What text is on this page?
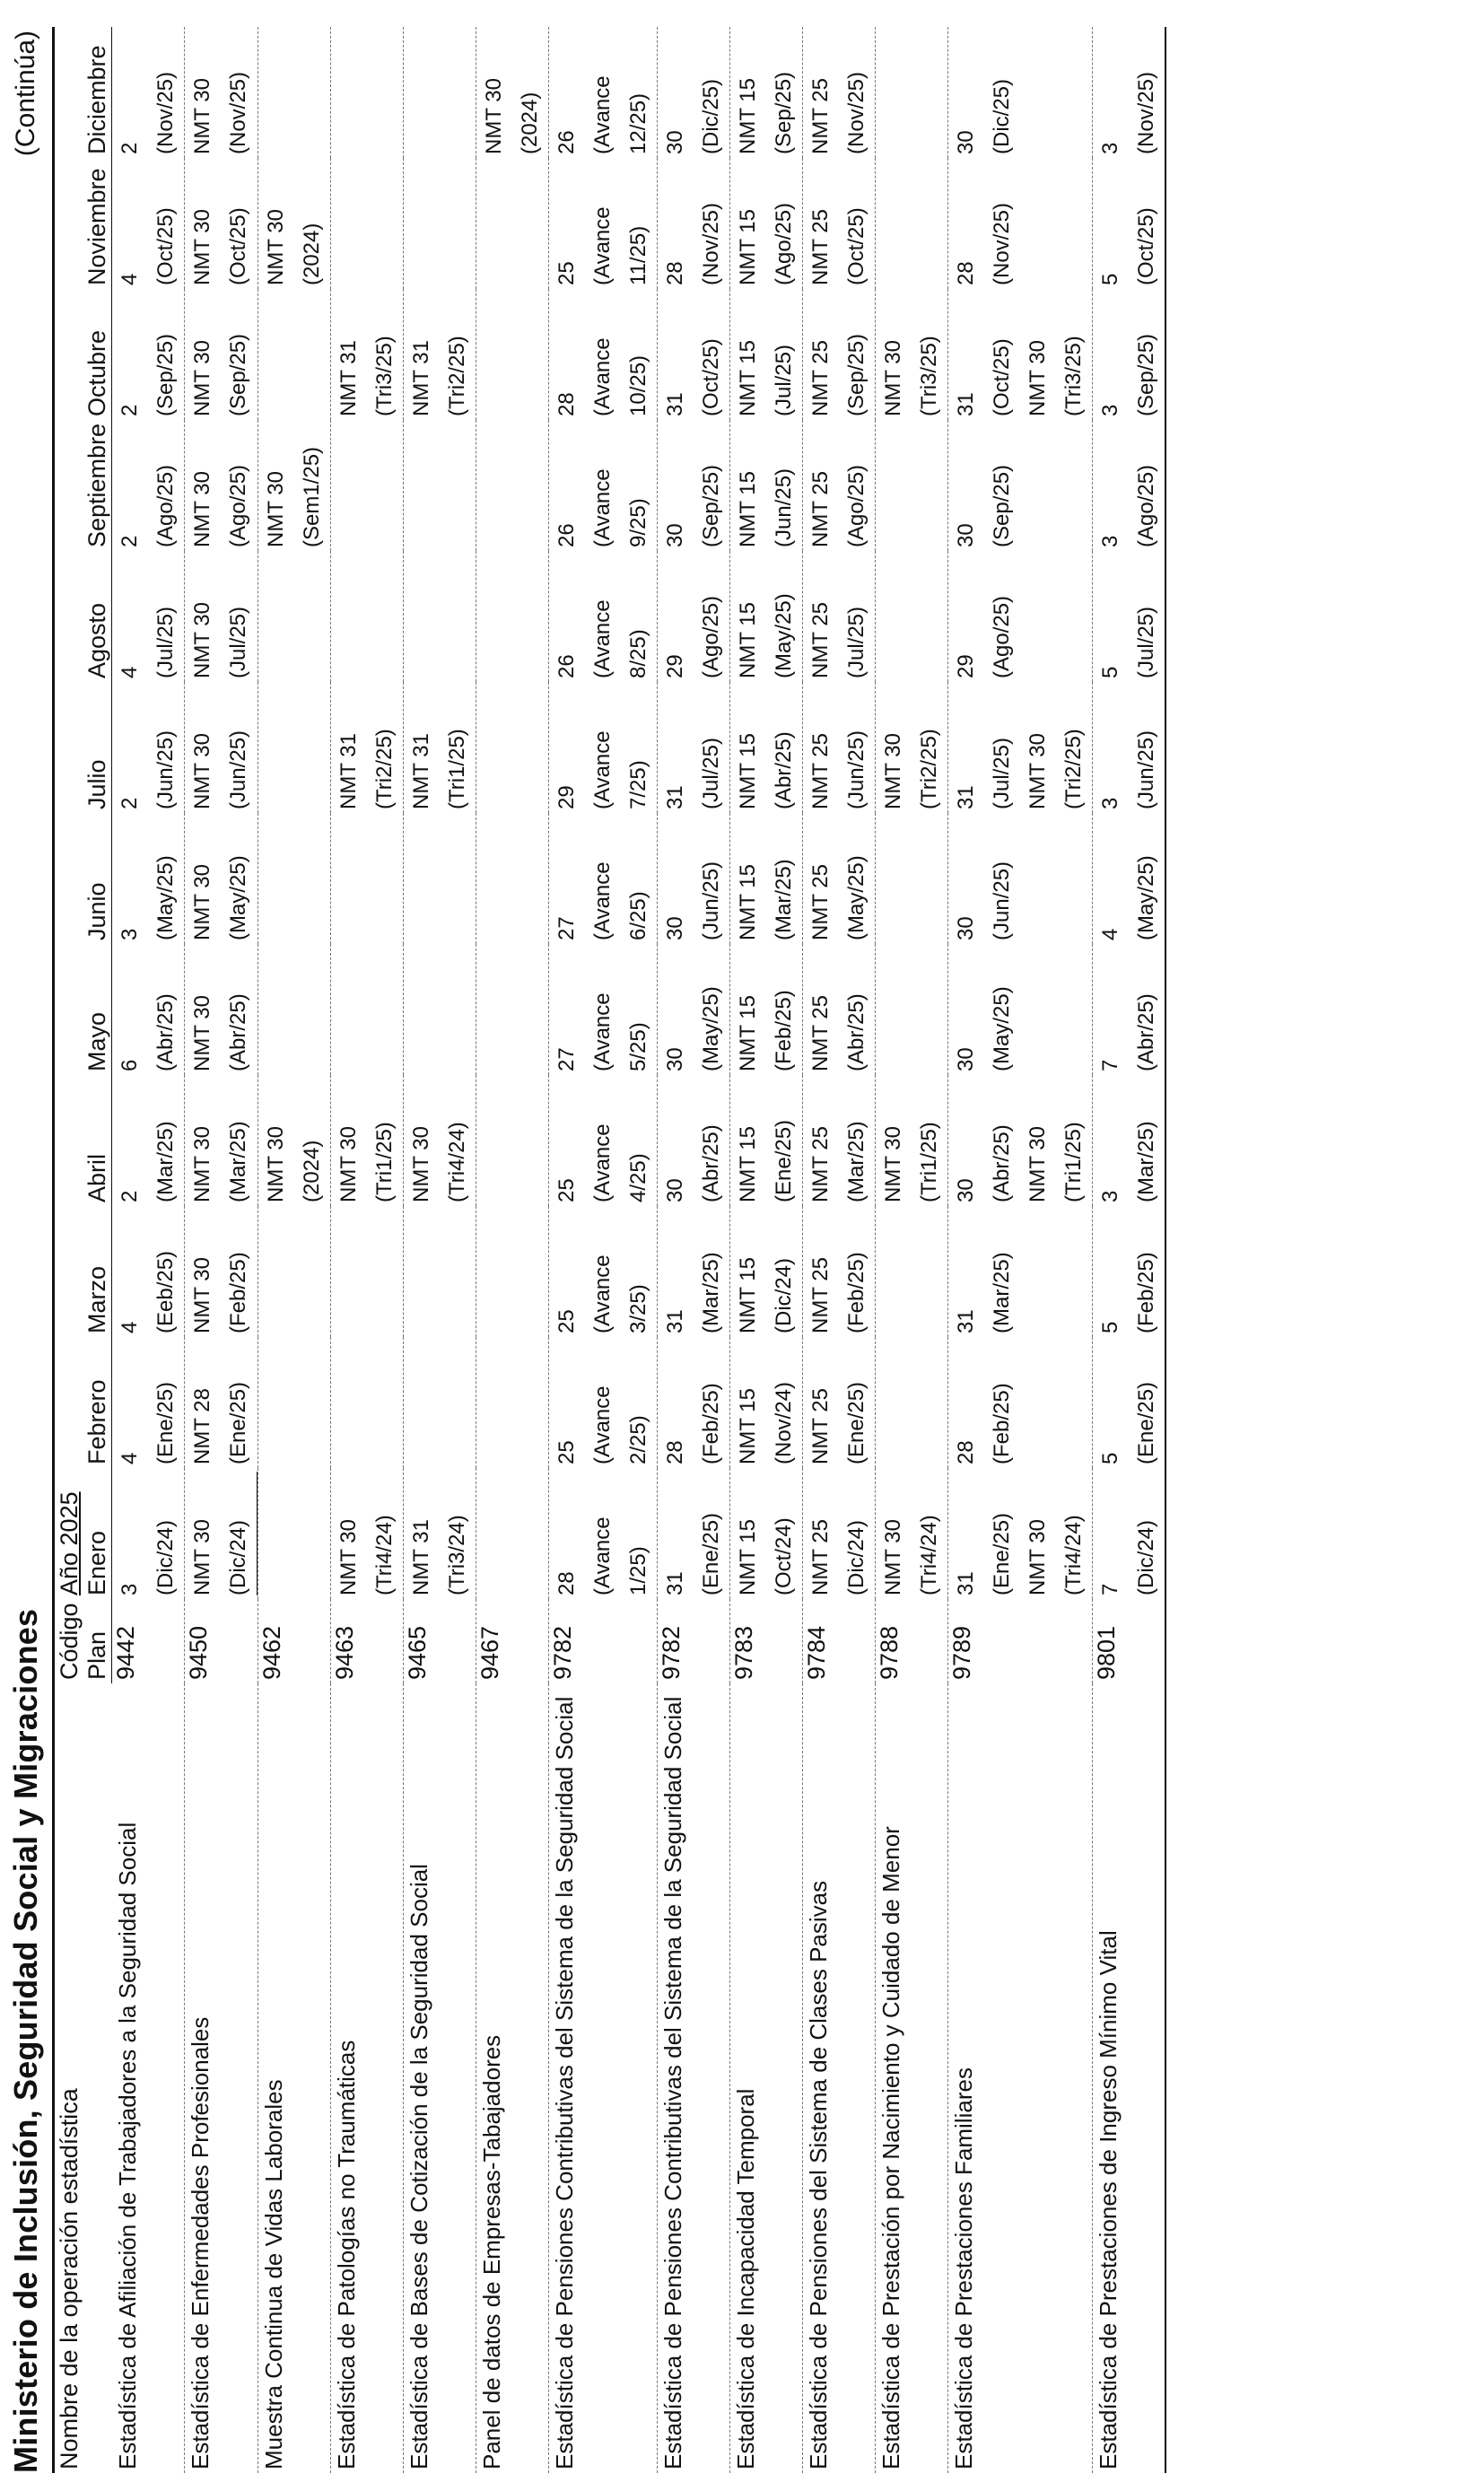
Ministerio de Inclusión, Seguridad Social y Migraciones
(Continúa)
Nombre de la operación estadística	Código	Año 2025											
	Plan	Enero	Febrero	Marzo	Abril	Mayo	Junio	Julio	Agosto	Septiembre	Octubre	Noviembre	Diciembre
Estadística de Afiliación de Trabajadores a la Seguridad Social	9442	3 (Dic/24)	4 (Ene/25)	4 (Eeb/25)	2 (Mar/25)	6 (Abr/25)	3 (May/25)	2 (Jun/25)	4 (Jul/25)	2 (Ago/25)	2 (Sep/25)	4 (Oct/25)	2 (Nov/25)

Estadística de Enfermedades Profesionales	9450	NMT 30 (Dic/24)	NMT 28 (Ene/25)	NMT 30 (Feb/25)	NMT 30 (Mar/25)	NMT 30 (Abr/25)	NMT 30 (May/25)	NMT 30 (Jun/25)	NMT 30 (Jul/25)	NMT 30 (Ago/25)	NMT 30 (Sep/25)	NMT 30 (Oct/25)	NMT 30 (Nov/25)

Muestra Continua de Vidas Laborales	9462				NMT 30 (2024)					NMT 30 (Sem1/25)		NMT 30 (2024)	

Estadística de Patologías no Traumáticas	9463	NMT 30 (Tri4/24)			NMT 30 (Tri1/25)			NMT 31 (Tri2/25)			NMT 31 (Tri3/25)		

Estadística de Bases de Cotización de la Seguridad Social	9465	NMT 31 (Tri3/24)			NMT 30 (Tri4/24)			NMT 31 (Tri1/25)			NMT 31 (Tri2/25)		

Panel de datos de Empresas-Tabajadores	9467												NMT 30 (2024)

Estadística de Pensiones Contributivas del Sistema de la Seguridad Social	9782	28 (Avance 1/25)	25 (Avance 2/25)	25 (Avance 3/25)	25 (Avance 4/25)	27 (Avance 5/25)	27 (Avance 6/25)	29 (Avance 7/25)	26 (Avance 8/25)	26 (Avance 9/25)	28 (Avance 10/25)	25 (Avance 11/25)	26 (Avance 12/25)

Estadística de Pensiones Contributivas del Sistema de la Seguridad Social	9782	31 (Ene/25)	28 (Feb/25)	31 (Mar/25)	30 (Abr/25)	30 (May/25)	30 (Jun/25)	31 (Jul/25)	29 (Ago/25)	30 (Sep/25)	31 (Oct/25)	28 (Nov/25)	30 (Dic/25)

Estadística de Incapacidad Temporal	9783	NMT 15 (Oct/24)	NMT 15 (Nov/24)	NMT 15 (Dic/24)	NMT 15 (Ene/25)	NMT 15 (Feb/25)	NMT 15 (Mar/25)	NMT 15 (Abr/25)	NMT 15 (May/25)	NMT 15 (Jun/25)	NMT 15 (Jul/25)	NMT 15 (Ago/25)	NMT 15 (Sep/25)

Estadística de Pensiones del Sistema de Clases Pasivas	9784	NMT 25 (Dic/24)	NMT 25 (Ene/25)	NMT 25 (Feb/25)	NMT 25 (Mar/25)	NMT 25 (Abr/25)	NMT 25 (May/25)	NMT 25 (Jun/25)	NMT 25 (Jul/25)	NMT 25 (Ago/25)	NMT 25 (Sep/25)	NMT 25 (Oct/25)	NMT 25 (Nov/25)

Estadística de Prestación por Nacimiento y Cuidado de Menor	9788	NMT 30 (Tri4/24)			NMT 30 (Tri1/25)			NMT 30 (Tri2/25)			NMT 30 (Tri3/25)		

Estadística de Prestaciones Familiares	9789	31 (Ene/25) NMT 30 (Tri4/24)	28 (Feb/25)	31 (Mar/25)	30 (Abr/25) NMT 30 (Tri1/25)	30 (May/25)	30 (Jun/25)	31 (Jul/25) NMT 30 (Tri2/25)	29 (Ago/25)	30 (Sep/25)	31 (Oct/25) NMT 30 (Tri3/25)	28 (Nov/25)	30 (Dic/25)

Estadística de Prestaciones de Ingreso Mínimo Vital	9801	7 (Dic/24)	5 (Ene/25)	5 (Feb/25)	3 (Mar/25)	7 (Abr/25)	4 (May/25)	3 (Jun/25)	5 (Jul/25)	3 (Ago/25)	3 (Sep/25)	5 (Oct/25)	3 (Nov/25)
